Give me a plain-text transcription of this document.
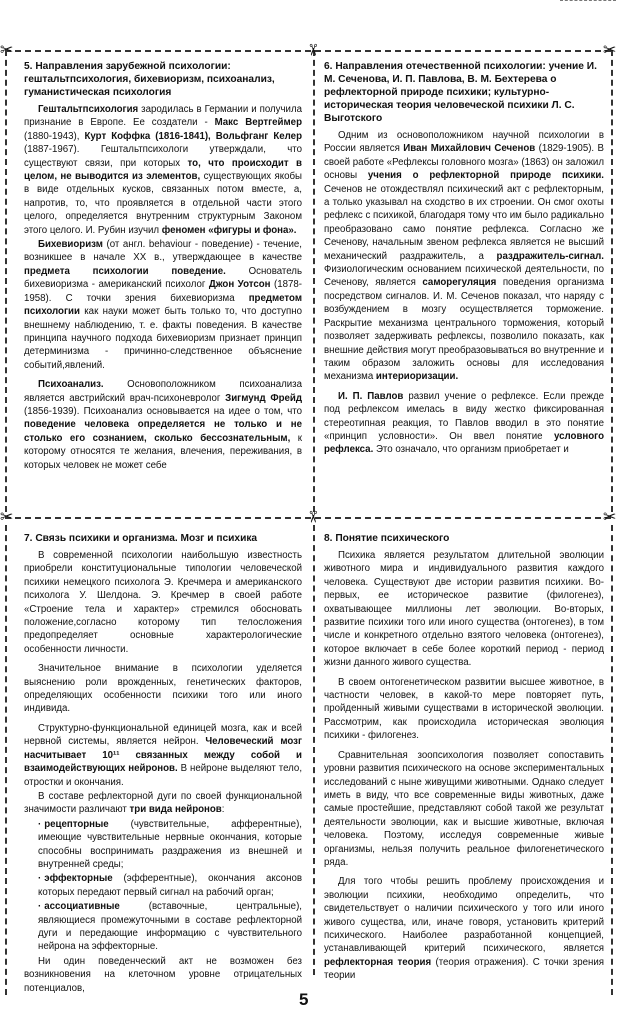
✂	✂	✂
✂	✂	✂
5. Направления зарубежной психологии: гештальтпсихология, бихевиоризм, психоанализ, гуманистическая психология

Гештальтпсихология зародилась в Германии и получила признание в Европе. Ее создатели - Макс Вертгеймер (1880-1943), Курт Коффка (1816-1841), Вольфганг Келер (1887-1967). Гештальтпсихологи утверждали, что существуют связи, при которых то, что происходит в целом, не выводится из элементов, существующих якобы в виде отдельных кусков, связанных потом вместе, а, напротив, то, что проявляется в отдельной части этого целого, определяется внутренним структурным Законом этого целого. И. Рубин изучил феномен «фигуры и фона».

Бихевиоризм (от англ. behaviour - поведение) - течение, возникшее в начале XX в., утверждающее в качестве предмета психологии поведение. Основатель бихевиоризма - американский психолог Джон Уотсон (1878-1958). С точки зрения бихевиоризма предметом психологии как науки может быть только то, что доступно внешнему наблюдению, т. е. факты поведения. В качестве принципа научного подхода бихевиоризм признает принцип детерминизма - причинно-следственное объяснение событий,явлений.

Психоанализ. Основоположником психоанализа является австрийский врач-психоневролог Зигмунд Фрейд (1856-1939). Психоанализ основывается на идее о том, что поведение человека определяется не только и не столько его сознанием, сколько бессознательным, к которому относятся те желания, влечения, переживания, в которых человек не может себе

6. Направления отечественной психологии: учение И. М. Сеченова, И. П. Павлова, В. М. Бехтерева о рефлекторной природе психики; культурно-историческая теория человеческой психики Л. С. Выготского

Одним из основоположником научной психологии в России является Иван Михайлович Сеченов (1829-1905). В своей работе «Рефлексы головного мозга» (1863) он заложил основы учения о рефлекторной природе психики. Сеченов не отождествлял психический акт с рефлекторным, а только указывал на сходство в их строении. Он смог охоты рефлекс с психикой, благодаря тому что им было радикально преобразовано само понятие рефлекса. Согласно же Сеченову, начальным звеном рефлекса является не высший механический раздражитель, а раздражитель-сигнал. Физиологическим основанием психической деятельности, по Сеченову, является саморегуляция поведения организма посредством сигналов. И. М. Сеченов показал, что наряду с возбуждением в мозгу осуществляется торможение. Раскрытие механизма центрального торможения, который позволяет задерживать рефлексы, позволило показать, как внешние действия могут преобразовываться во внутренние и таким образом заложить основы для исследования механизма интериоризации.

И. П. Павлов развил учение о рефлексе. Если прежде под рефлексом имелась в виду жестко фиксированная стереотипная реакция, то Павлов вводил в это понятие «принцип условности». Он ввел понятие условного рефлекса. Это означало, что организм приобретает и

7. Связь психики и организма. Мозг и психика

В современной психологии наибольшую известность приобрели конституциональные типологии человеческой психики немецкого психолога Э. Кречмера и американского психолога У. Шелдона. Э. Кречмер в своей работе «Строение тела и характер» стремился обосновать положение,согласно которому тип телосложения предопределяет основные характерологические особенности личности.

Значительное внимание в психологии уделяется выяснению роли врожденных, генетических факторов, определяющих особенности психики того или иного индивида.

Структурно-функциональной единицей мозга, как и всей нервной системы, является нейрон. Человеческий мозг насчитывает 10¹¹ связанных между собой и взаимодействующих нейронов. В нейроне выделяют тело, отростки и окончания.

В составе рефлекторной дуги по своей функциональной значимости различают три вида нейронов:

· рецепторные (чувствительные, афферентные), имеющие чувствительные нервные окончания, которые способны воспринимать раздражения из внешней и внутренней среды;

· эффекторные (эфферентные), окончания аксонов которых передают первый сигнал на рабочий орган;

· ассоциативные (вставочные, центральные), являющиеся промежуточными в составе рефлекторной дуги и передающие информацию с чувствительного нейрона на эффекторные.

Ни один поведенческий акт не возможен без возникновения на клеточном уровне отрицательных потенциалов,

8. Понятие психического

Психика является результатом длительной эволюции животного мира и индивидуального развития каждого человека. Существуют две истории развития психики. Во-первых, ее историческое развитие (филогенез), охватывающее миллионы лет эволюции. Во-вторых, развитие психики того или иного существа (онтогенез), в том числе и конкретного отдельно взятого человека (онтогенез), которое включает в себе более короткий период - период жизни данного живого существа.

В своем онтогенетическом развитии высшее животное, в частности человек, в какой-то мере повторяет путь, пройденный живыми существами в исторической эволюции. Рассмотрим, как происходила историческая эволюция психики - филогенез.

Сравнительная зоопсихология позволяет сопоставить уровни развития психического на основе экспериментальных исследований с ныне живущими животными. Однако следует иметь в виду, что все современные виды животных, даже самые простейшие, представляют собой такой же результат деятельности эволюции, как и высшие животные, включая человека. Поэтому, исследуя современные живые организмы, нельзя получить реальное филогенетического ряда.

Для того чтобы решить проблему происхождения и эволюции психики, необходимо определить, что свидетельствует о наличии психического у того или иного живого существа, или, иначе говоря, установить критерий психического. Наиболее разработанной концепцией, устанавливающей критерий психического, является рефлекторная теория (теория отражения). С точки зрения теории

5
